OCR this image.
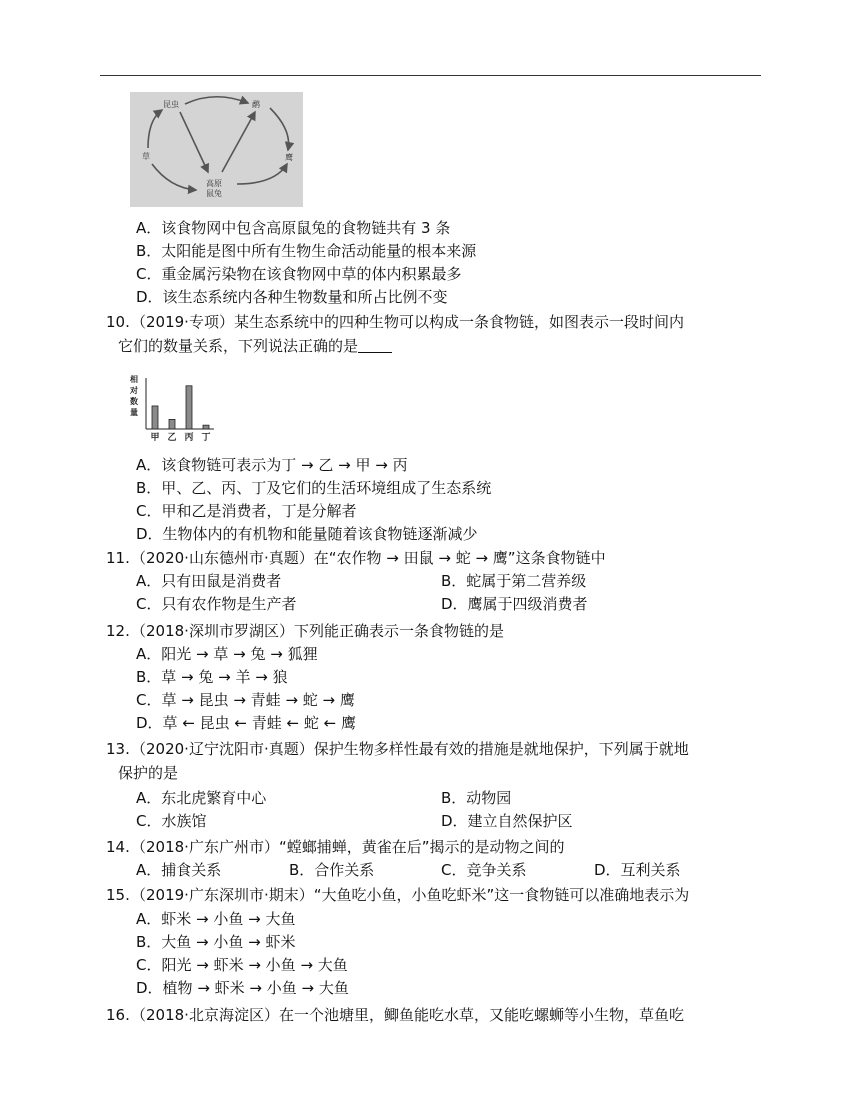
昆虫	鹬
草	鹰
高原
鼠兔
A．该食物网中包含高原鼠兔的食物链共有 3 条
B．太阳能是图中所有生物生命活动能量的根本来源
C．重金属污染物在该食物网中草的体内积累最多
D．该生态系统内各种生物数量和所占比例不变
10. （2019·专项）某生态系统中的四种生物可以构成一条食物链，如图表示一段时间内
它们的数量关系，下列说法正确的是
相
对
数
量
甲 乙 丙 丁
A．该食物链可表示为丁 → 乙 → 甲 → 丙
B．甲、乙、丙、丁及它们的生活环境组成了生态系统
C．甲和乙是消费者，丁是分解者
D．生物体内的有机物和能量随着该食物链逐渐减少
11. （2020·山东德州市·真题）在“农作物 → 田鼠 → 蛇 → 鹰”这条食物链中
A．只有田鼠是消费者	B．蛇属于第二营养级
C．只有农作物是生产者	D．鹰属于四级消费者
12. （2018·深圳市罗湖区）下列能正确表示一条食物链的是
A．阳光 → 草 → 兔 → 狐狸
B．草 → 兔 → 羊 → 狼
C．草 → 昆虫 → 青蛙 → 蛇 → 鹰
D．草 ← 昆虫 ← 青蛙 ← 蛇 ← 鹰
13. （2020·辽宁沈阳市·真题）保护生物多样性最有效的措施是就地保护，下列属于就地
保护的是
A．东北虎繁育中心	B．动物园
C．水族馆	D．建立自然保护区
14. （2018·广东广州市）“螳螂捕蝉，黄雀在后”揭示的是动物之间的
A．捕食关系	B．合作关系	C．竞争关系	D．互利关系
15. （2019·广东深圳市·期末）“大鱼吃小鱼，小鱼吃虾米”这一食物链可以准确地表示为
A．虾米 → 小鱼 → 大鱼
B．大鱼 → 小鱼 → 虾米
C．阳光 → 虾米 → 小鱼 → 大鱼
D．植物 → 虾米 → 小鱼 → 大鱼
16. （2018·北京海淀区）在一个池塘里，鲫鱼能吃水草，又能吃螺蛳等小生物，草鱼吃
